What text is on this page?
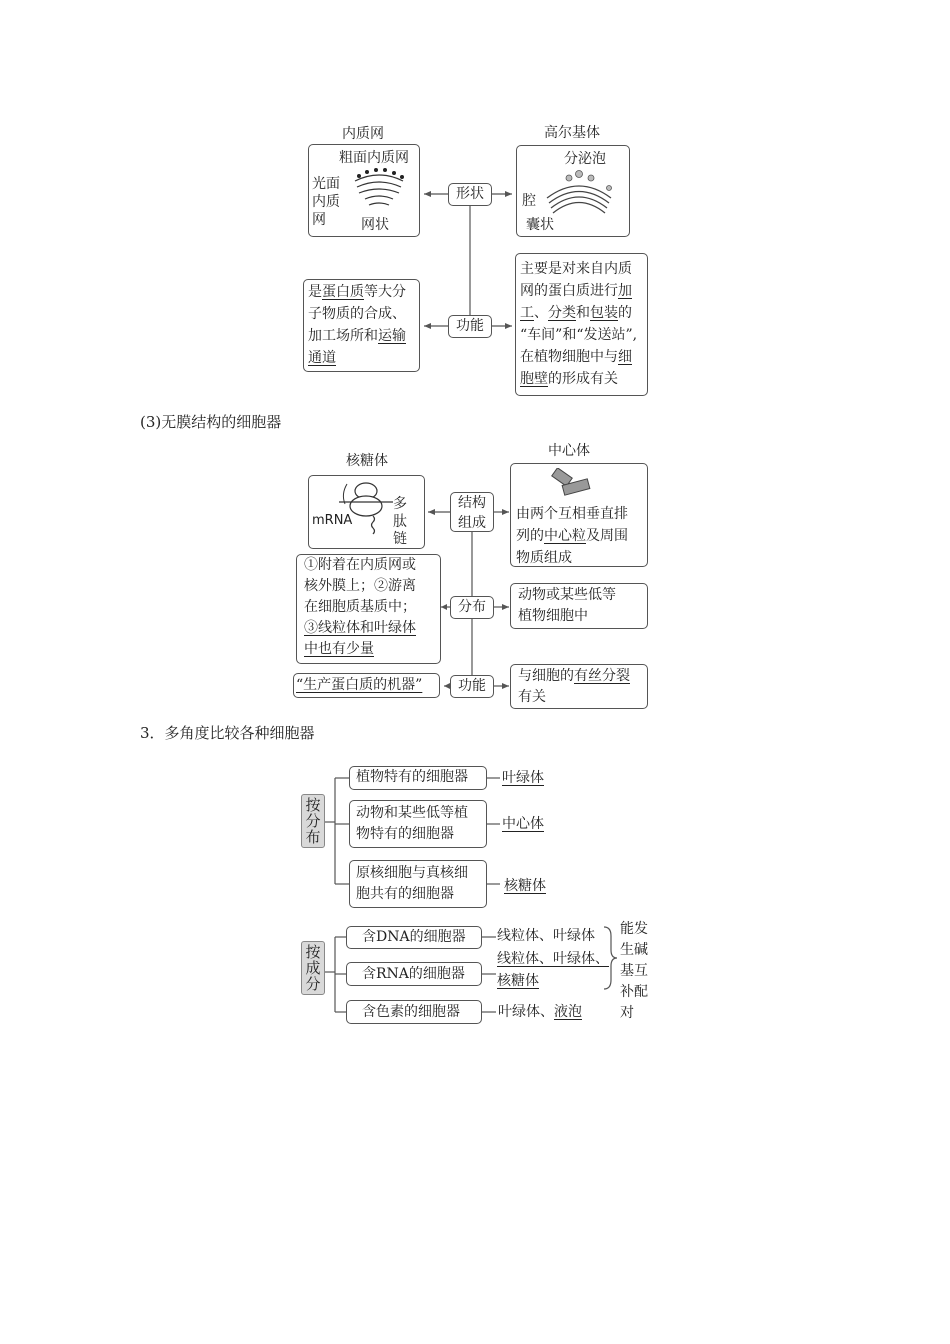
内质网	高尔基体
粗面内质网
光面
内质
网	网状
分泌泡
腔
囊状
形状
功能
是蛋白质等大分
子物质的合成、
加工场所和运输
通道
主要是对来自内质
网的蛋白质进行加
工、分类和包装的
“车间”和“发送站”,
在植物细胞中与细
胞壁的形成有关
(3)无膜结构的细胞器
核糖体
中心体
mRNA
多
肽
链
由两个互相垂直排
列的中心粒及周围
物质组成
结构
组成
分布
功能
①附着在内质网或
核外膜上；②游离
在细胞质基质中；
③线粒体和叶绿体
中也有少量
动物或某些低等
植物细胞中
“生产蛋白质的机器”
与细胞的有丝分裂
有关
3．多角度比较各种细胞器
按分布
按成分
植物特有的细胞器 叶绿体
动物和某些低等植
物特有的细胞器
中心体
原核细胞与真核细
胞共有的细胞器	核糖体
含DNA的细胞器 线粒体、叶绿体
含RNA的细胞器
线粒体、叶绿体、
核糖体
含色素的细胞器	叶绿体、液泡
能发
生碱
基互
补配
对
